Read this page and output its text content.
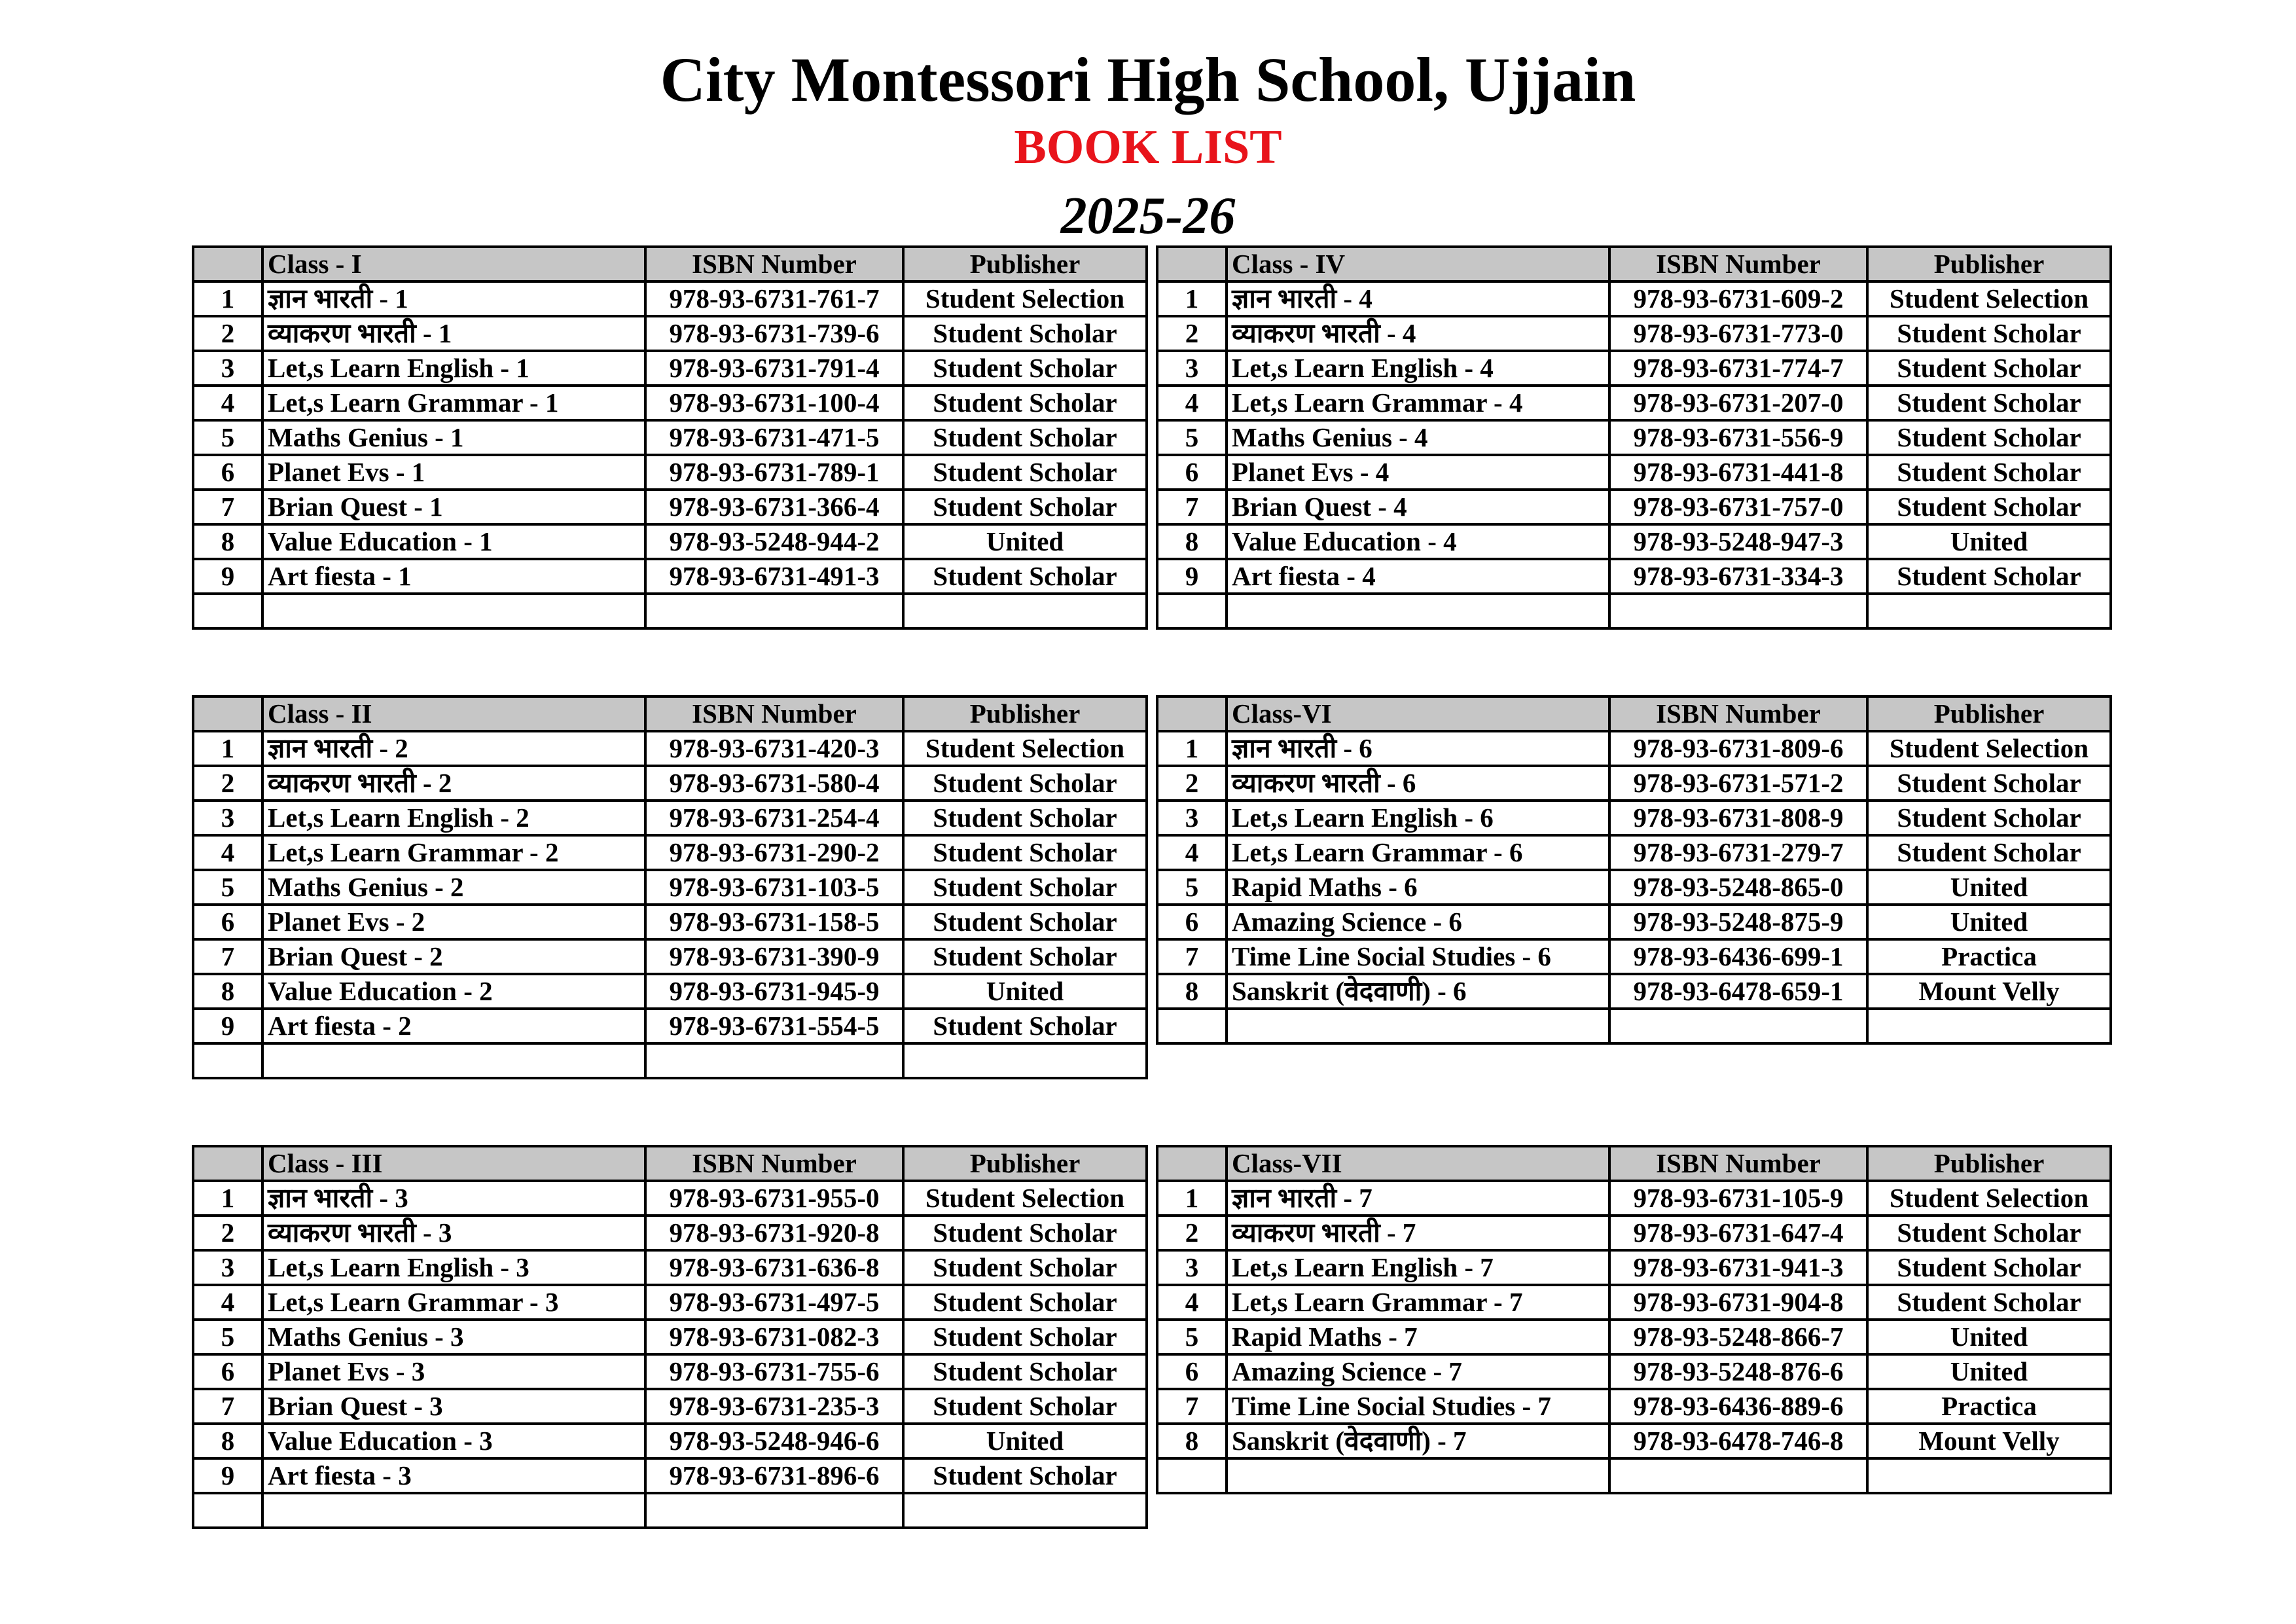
City Montessori High School, Ujjain
BOOK LIST
2025-26
	Class - I	ISBN Number	Publisher
1	ज्ञान भारती - 1	978-93-6731-761-7	Student Selection
2	व्याकरण भारती - 1	978-93-6731-739-6	Student Scholar
3	Let,s Learn English - 1	978-93-6731-791-4	Student Scholar
4	Let,s Learn Grammar - 1	978-93-6731-100-4	Student Scholar
5	Maths Genius - 1	978-93-6731-471-5	Student Scholar
6	Planet Evs - 1	978-93-6731-789-1	Student Scholar
7	Brian Quest - 1	978-93-6731-366-4	Student Scholar
8	Value Education - 1	978-93-5248-944-2	United
9	Art fiesta - 1	978-93-6731-491-3	Student Scholar

	Class - IV	ISBN Number	Publisher
1	ज्ञान भारती - 4	978-93-6731-609-2	Student Selection
2	व्याकरण भारती - 4	978-93-6731-773-0	Student Scholar
3	Let,s Learn English - 4	978-93-6731-774-7	Student Scholar
4	Let,s Learn Grammar - 4	978-93-6731-207-0	Student Scholar
5	Maths Genius - 4	978-93-6731-556-9	Student Scholar
6	Planet Evs - 4	978-93-6731-441-8	Student Scholar
7	Brian Quest - 4	978-93-6731-757-0	Student Scholar
8	Value Education - 4	978-93-5248-947-3	United
9	Art fiesta - 4	978-93-6731-334-3	Student Scholar

	Class - II	ISBN Number	Publisher
1	ज्ञान भारती - 2	978-93-6731-420-3	Student Selection
2	व्याकरण भारती - 2	978-93-6731-580-4	Student Scholar
3	Let,s Learn English - 2	978-93-6731-254-4	Student Scholar
4	Let,s Learn Grammar - 2	978-93-6731-290-2	Student Scholar
5	Maths Genius - 2	978-93-6731-103-5	Student Scholar
6	Planet Evs - 2	978-93-6731-158-5	Student Scholar
7	Brian Quest - 2	978-93-6731-390-9	Student Scholar
8	Value Education - 2	978-93-6731-945-9	United
9	Art fiesta - 2	978-93-6731-554-5	Student Scholar

	Class-VI	ISBN Number	Publisher
1	ज्ञान भारती - 6	978-93-6731-809-6	Student Selection
2	व्याकरण भारती - 6	978-93-6731-571-2	Student Scholar
3	Let,s Learn English - 6	978-93-6731-808-9	Student Scholar
4	Let,s Learn Grammar - 6	978-93-6731-279-7	Student Scholar
5	Rapid Maths - 6	978-93-5248-865-0	United
6	Amazing Science - 6	978-93-5248-875-9	United
7	Time Line Social Studies - 6	978-93-6436-699-1	Practica
8	Sanskrit (वेदवाणी) - 6	978-93-6478-659-1	Mount Velly

	Class - III	ISBN Number	Publisher
1	ज्ञान भारती - 3	978-93-6731-955-0	Student Selection
2	व्याकरण भारती - 3	978-93-6731-920-8	Student Scholar
3	Let,s Learn English - 3	978-93-6731-636-8	Student Scholar
4	Let,s Learn Grammar - 3	978-93-6731-497-5	Student Scholar
5	Maths Genius - 3	978-93-6731-082-3	Student Scholar
6	Planet Evs - 3	978-93-6731-755-6	Student Scholar
7	Brian Quest - 3	978-93-6731-235-3	Student Scholar
8	Value Education - 3	978-93-5248-946-6	United
9	Art fiesta - 3	978-93-6731-896-6	Student Scholar

	Class-VII	ISBN Number	Publisher
1	ज्ञान भारती - 7	978-93-6731-105-9	Student Selection
2	व्याकरण भारती - 7	978-93-6731-647-4	Student Scholar
3	Let,s Learn English - 7	978-93-6731-941-3	Student Scholar
4	Let,s Learn Grammar - 7	978-93-6731-904-8	Student Scholar
5	Rapid Maths - 7	978-93-5248-866-7	United
6	Amazing Science - 7	978-93-5248-876-6	United
7	Time Line Social Studies - 7	978-93-6436-889-6	Practica
8	Sanskrit (वेदवाणी) - 7	978-93-6478-746-8	Mount Velly
